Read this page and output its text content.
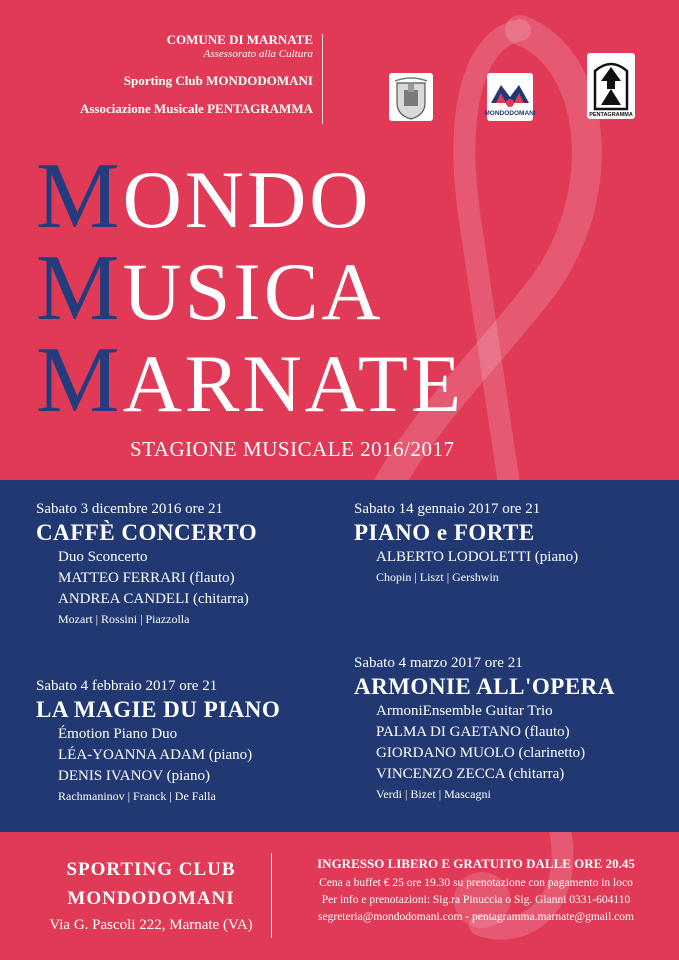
COMUNE DI MARNATE
Assessorato alla Cultura
Sporting Club MONDODOMANI
Associazione Musicale PENTAGRAMMA	MONDODOMANI	PENTAGRAMMA
MONDO
MUSICA
MARNATE
STAGIONE MUSICALE 2016/2017
Sabato 3 dicembre 2016 ore 21
CAFFÈ CONCERTO
Duo Sconcerto
MATTEO FERRARI (flauto)
ANDREA CANDELI (chitarra)
Mozart | Rossini | Piazzolla
Sabato 14 gennaio 2017 ore 21
PIANO e FORTE
ALBERTO LODOLETTI (piano)
Chopin | Liszt | Gershwin
Sabato 4 febbraio 2017 ore 21
LA MAGIE DU PIANO
Émotion Piano Duo
LÉA-YOANNA ADAM (piano)
DENIS IVANOV (piano)
Rachmaninov | Franck | De Falla
Sabato 4 marzo 2017 ore 21
ARMONIE ALL'OPERA
ArmoniEnsemble Guitar Trio
PALMA DI GAETANO (flauto)
GIORDANO MUOLO (clarinetto)
VINCENZO ZECCA (chitarra)
Verdi | Bizet | Mascagni
SPORTING CLUB
MONDODOMANI
Via G. Pascoli 222, Marnate (VA)
INGRESSO LIBERO E GRATUITO DALLE ORE 20.45
Cena a buffet € 25 ore 19.30 su prenotazione con pagamento in loco
Per info e prenotazioni: Sig.ra Pinuccia o Sig. Gianni 0331-604110
segreteria@mondodomani.com - pentagramma.marnate@gmail.com
